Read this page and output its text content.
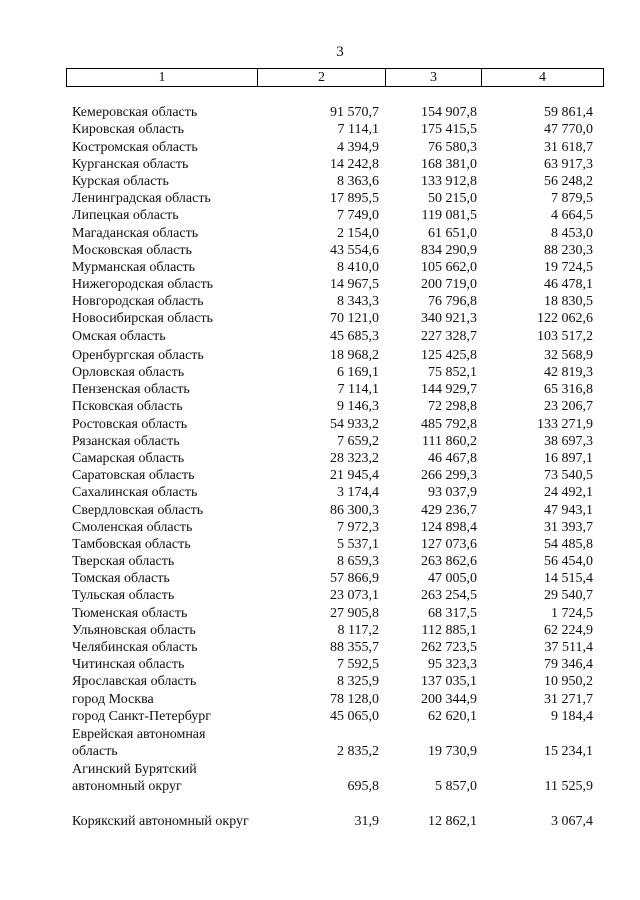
3
1	2	3	4
Кемеровская область	91 570,7	154 907,8	59 861,4
Кировская область	7 114,1	175 415,5	47 770,0
Костромская область	4 394,9	76 580,3	31 618,7
Курганская область	14 242,8	168 381,0	63 917,3
Курская область	8 363,6	133 912,8	56 248,2
Ленинградская область	17 895,5	50 215,0	7 879,5
Липецкая область	7 749,0	119 081,5	4 664,5
Магаданская область	2 154,0	61 651,0	8 453,0
Московская область	43 554,6	834 290,9	88 230,3
Мурманская область	8 410,0	105 662,0	19 724,5
Нижегородская область	14 967,5	200 719,0	46 478,1
Новгородская область	8 343,3	76 796,8	18 830,5
Новосибирская область	70 121,0	340 921,3	122 062,6
Омская область	45 685,3	227 328,7	103 517,2
Оренбургская область	18 968,2	125 425,8	32 568,9
Орловская область	6 169,1	75 852,1	42 819,3
Пензенская область	7 114,1	144 929,7	65 316,8
Псковская область	9 146,3	72 298,8	23 206,7
Ростовская область	54 933,2	485 792,8	133 271,9
Рязанская область	7 659,2	111 860,2	38 697,3
Самарская область	28 323,2	46 467,8	16 897,1
Саратовская область	21 945,4	266 299,3	73 540,5
Сахалинская область	3 174,4	93 037,9	24 492,1
Свердловская область	86 300,3	429 236,7	47 943,1
Смоленская область	7 972,3	124 898,4	31 393,7
Тамбовская область	5 537,1	127 073,6	54 485,8
Тверская область	8 659,3	263 862,6	56 454,0
Томская область	57 866,9	47 005,0	14 515,4
Тульская область	23 073,1	263 254,5	29 540,7
Тюменская область	27 905,8	68 317,5	1 724,5
Ульяновская область	8 117,2	112 885,1	62 224,9
Челябинская область	88 355,7	262 723,5	37 511,4
Читинская область	7 592,5	95 323,3	79 346,4
Ярославская область	8 325,9	137 035,1	10 950,2
город Москва	78 128,0	200 344,9	31 271,7
город Санкт-Петербург	45 065,0	62 620,1	9 184,4
Еврейская автономная область	2 835,2	19 730,9	15 234,1
Агинский Бурятский автономный округ	695,8	5 857,0	11 525,9
Корякский автономный округ	31,9	12 862,1	3 067,4
